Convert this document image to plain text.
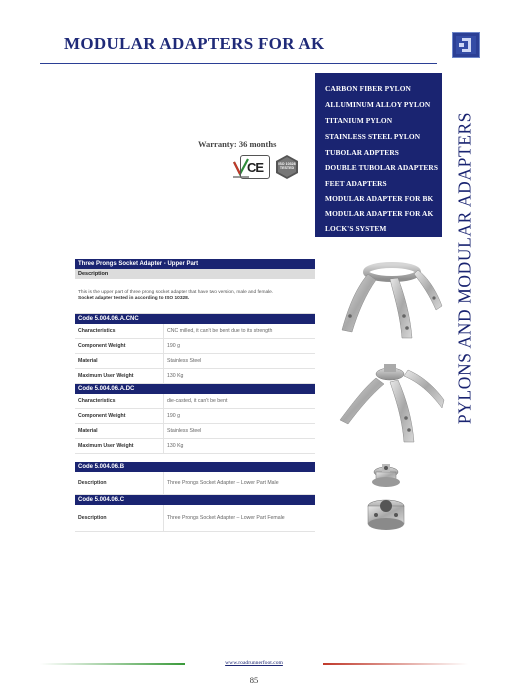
MODULAR ADAPTERS FOR AK
CARBON FIBER PYLON
ALLUMINUM ALLOY PYLON
TITANIUM PYLON
STAINLESS STEEL PYLON
TUBOLAR ADPTERS
DOUBLE TUBOLAR ADAPTERS
FEET ADAPTERS
MODULAR ADAPTER FOR BK
MODULAR ADAPTER FOR AK
LOCK'S SYSTEM	PYLONS AND MODULAR ADAPTERS
Warranty: 36 months
CE	ISO 10328
TESTED
Three Prongs Socket Adapter - Upper Part	
Description	
This is the upper part of three prong socket adapter that have two version, male and female.
Socket adapter tested in according to ISO 10328.	
Code 5.004.06.A.CNC	
Characteristics	CNC milled, it can't be bent due to its strength
Component Weight	190 g
Material	Stainless Steel
Maximum User Weight	130 Kg
Code 5.004.06.A.DC	
Characteristics	die-casted, it can't be bent
Component Weight	190 g
Material	Stainless Steel
Maximum User Weight	130 Kg

Code 5.004.06.B	
Description	Three Prongs Socket Adapter – Lower Part Male
Code 5.004.06.C	
Description	Three Prongs Socket Adapter – Lower Part Female
www.roadrunnerfoot.com
85
